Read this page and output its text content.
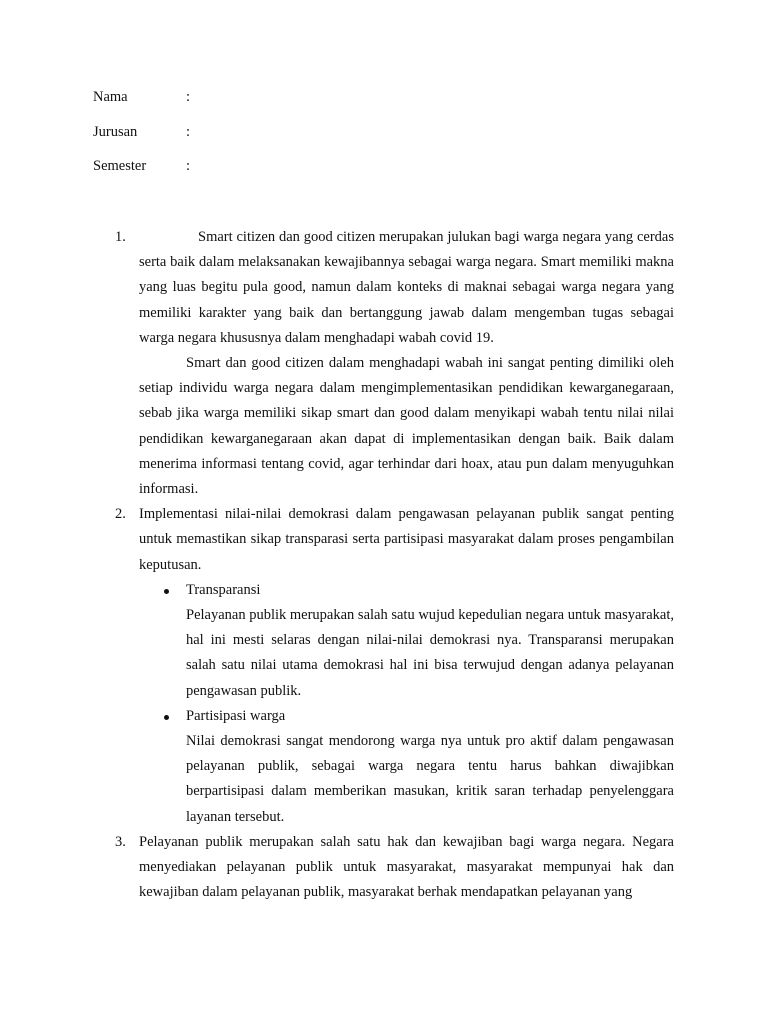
Nama	:
Jurusan	:
Semester	:
1.	Smart citizen dan good citizen merupakan julukan bagi warga negara yang cerdas serta baik dalam melaksanakan kewajibannya sebagai warga negara. Smart memiliki makna yang luas begitu pula good, namun dalam konteks di maknai sebagai warga negara yang memiliki karakter yang baik dan bertanggung jawab dalam mengemban tugas sebagai warga negara khususnya dalam menghadapi wabah covid 19.

Smart dan good citizen dalam menghadapi wabah ini sangat penting dimiliki oleh setiap individu warga negara dalam mengimplementasikan pendidikan kewarganegaraan, sebab jika warga memiliki sikap smart dan good dalam menyikapi wabah tentu nilai nilai pendidikan kewarganegaraan akan dapat di implementasikan dengan baik. Baik dalam menerima informasi tentang covid, agar terhindar dari hoax, atau pun dalam menyuguhkan informasi.

2. Implementasi nilai-nilai demokrasi dalam pengawasan pelayanan publik sangat penting untuk memastikan sikap transparasi serta partisipasi masyarakat dalam proses pengambilan keputusan.

Transparansi

Pelayanan publik merupakan salah satu wujud kepedulian negara untuk masyarakat, hal ini mesti selaras dengan nilai-nilai demokrasi nya. Transparansi merupakan salah satu nilai utama demokrasi hal ini bisa terwujud dengan adanya pelayanan pengawasan publik.

Partisipasi warga

Nilai demokrasi sangat mendorong warga nya untuk pro aktif dalam pengawasan pelayanan publik, sebagai warga negara tentu harus bahkan diwajibkan berpartisipasi dalam memberikan masukan, kritik saran terhadap penyelenggara layanan tersebut.

3. Pelayanan publik merupakan salah satu hak dan kewajiban bagi warga negara. Negara menyediakan pelayanan publik untuk masyarakat, masyarakat mempunyai hak dan kewajiban dalam pelayanan publik, masyarakat berhak mendapatkan pelayanan yang
